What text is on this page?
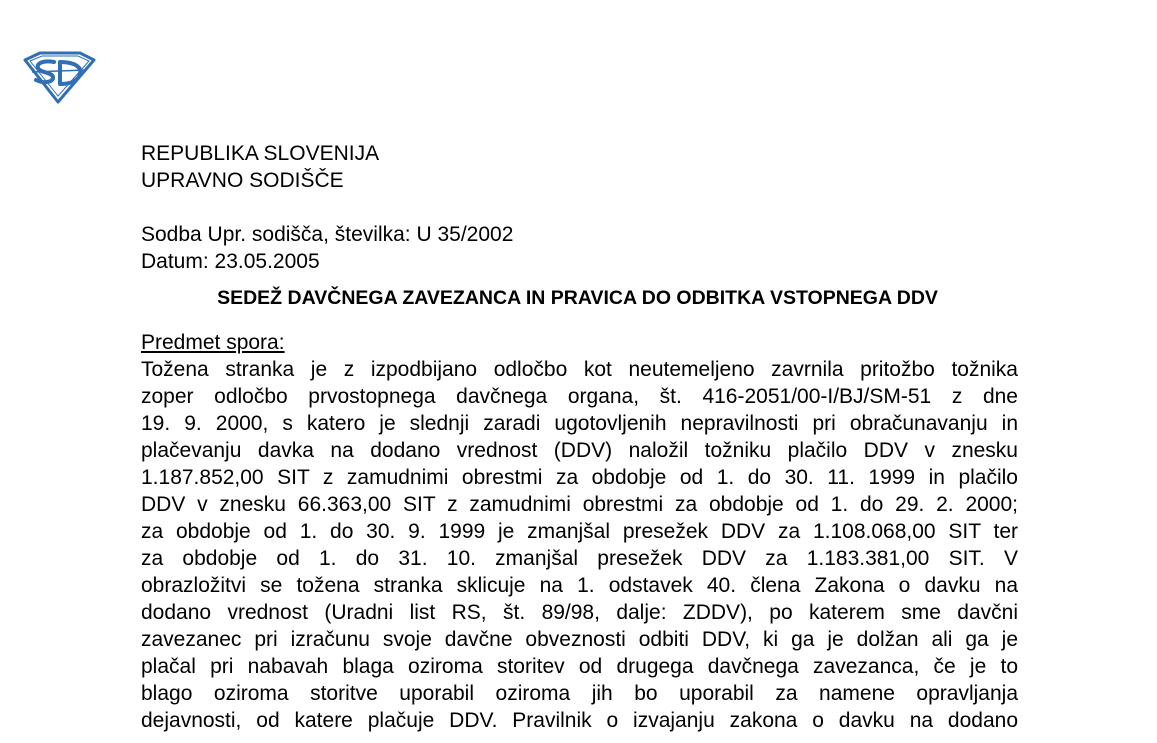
REPUBLIKA SLOVENIJA
UPRAVNO SODIŠČE
Sodba Upr. sodišča, številka: U 35/2002
Datum: 23.05.2005
SEDEŽ DAVČNEGA ZAVEZANCA IN PRAVICA DO ODBITKA VSTOPNEGA DDV
Predmet spora:
Tožena stranka je z izpodbijano odločbo kot neutemeljeno zavrnila pritožbo tožnika
zoper odločbo prvostopnega davčnega organa, št. 416-2051/00-I/BJ/SM-51 z dne
19. 9. 2000, s katero je slednji zaradi ugotovljenih nepravilnosti pri obračunavanju in
plačevanju davka na dodano vrednost (DDV) naložil tožniku plačilo DDV v znesku
1.187.852,00 SIT z zamudnimi obrestmi za obdobje od 1. do 30. 11. 1999 in plačilo
DDV v znesku 66.363,00 SIT z zamudnimi obrestmi za obdobje od 1. do 29. 2. 2000;
za obdobje od 1. do 30. 9. 1999 je zmanjšal presežek DDV za 1.108.068,00 SIT ter
za obdobje od 1. do 31. 10. zmanjšal presežek DDV za 1.183.381,00 SIT. V
obrazložitvi se tožena stranka sklicuje na 1. odstavek 40. člena Zakona o davku na
dodano vrednost (Uradni list RS, št. 89/98, dalje: ZDDV), po katerem sme davčni
zavezanec pri izračunu svoje davčne obveznosti odbiti DDV, ki ga je dolžan ali ga je
plačal pri nabavah blaga oziroma storitev od drugega davčnega zavezanca, če je to
blago oziroma storitve uporabil oziroma jih bo uporabil za namene opravljanja
dejavnosti, od katere plačuje DDV. Pravilnik o izvajanju zakona o davku na dodano
